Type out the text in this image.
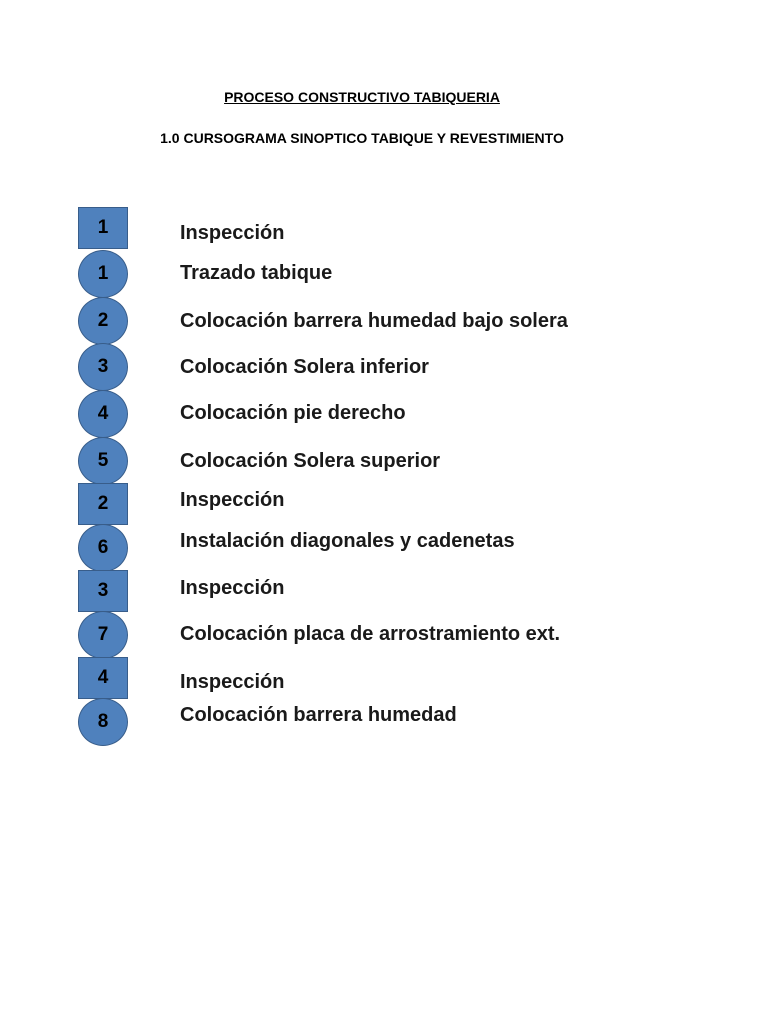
PROCESO CONSTRUCTIVO TABIQUERIA
1.0 CURSOGRAMA SINOPTICO TABIQUE Y REVESTIMIENTO
1	Inspección
1	Trazado tabique
2	Colocación barrera humedad bajo solera
3	Colocación Solera inferior
4	Colocación pie derecho
5	Colocación Solera superior
2	Inspección
6	Instalación diagonales y cadenetas
3	Inspección
7	Colocación placa de arrostramiento ext.
4	Inspección
8	Colocación barrera humedad
